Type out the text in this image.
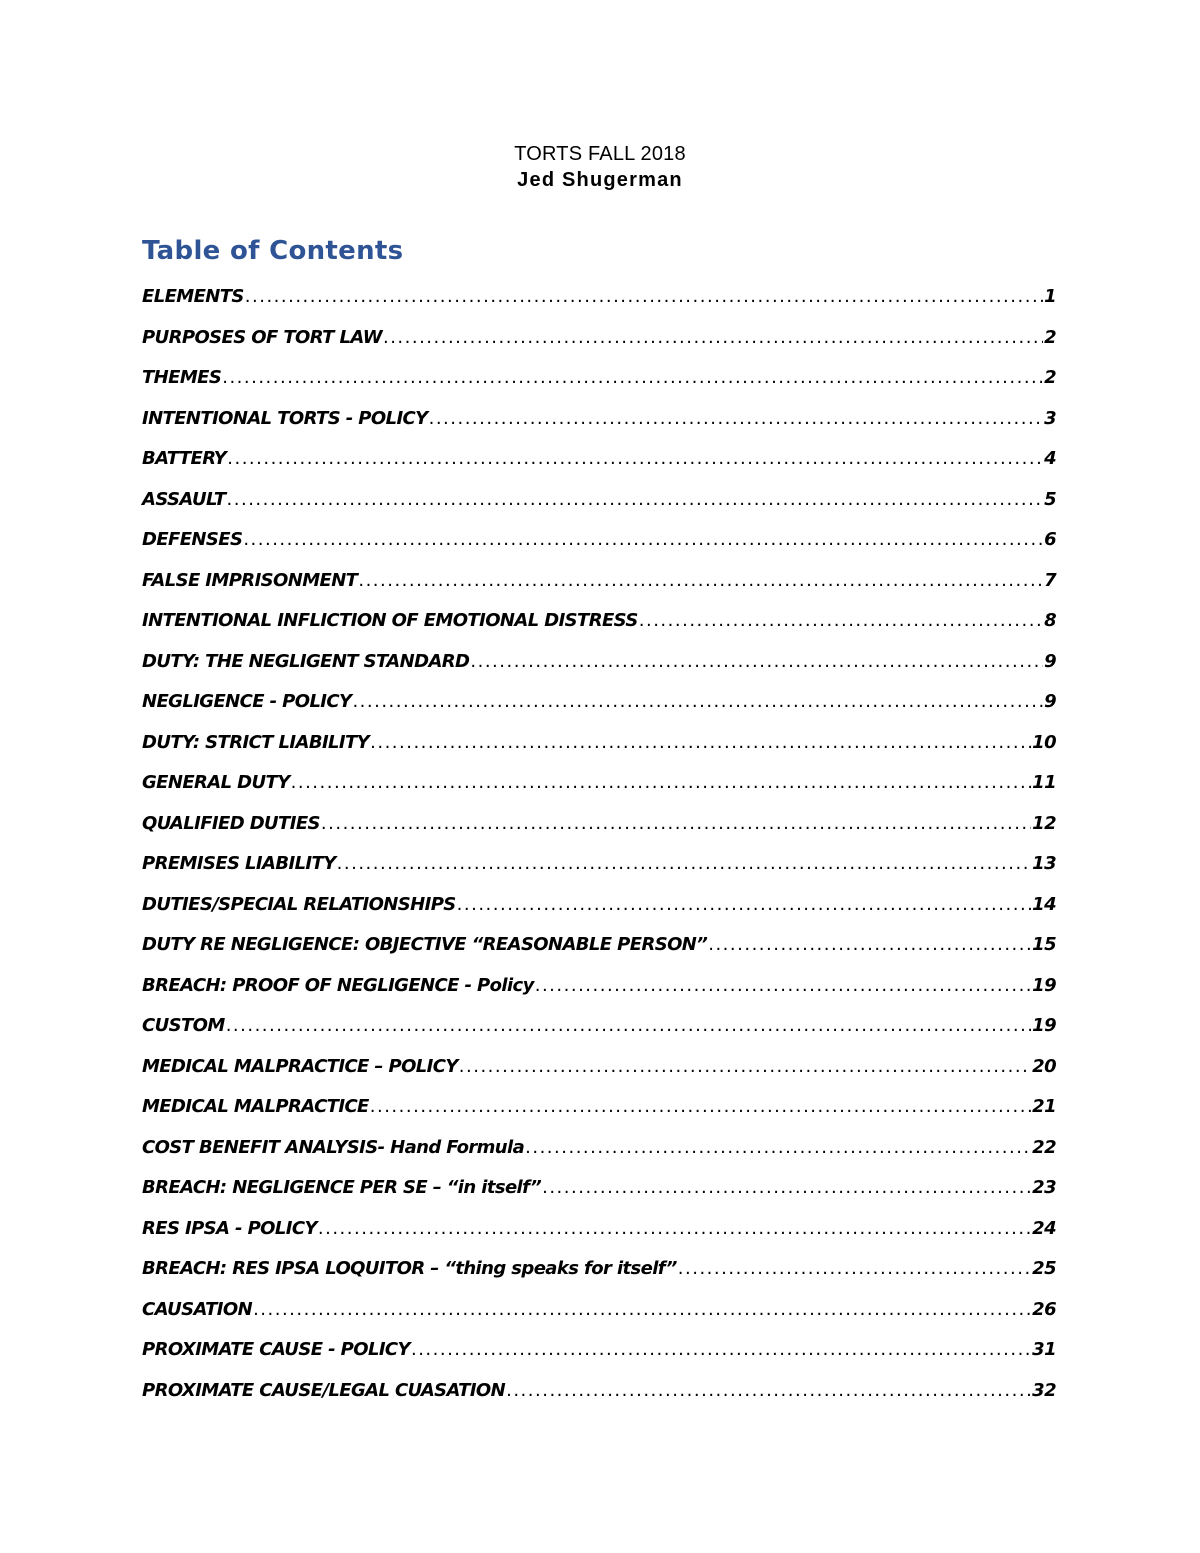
TORTS FALL 2018
Jed Shugerman
Table of Contents
ELEMENTS .....	1
PURPOSES OF TORT LAW .....	2
THEMES .....	2
INTENTIONAL TORTS - POLICY .....	3
BATTERY .....	4
ASSAULT .....	5
DEFENSES .....	6
FALSE IMPRISONMENT .....	7
INTENTIONAL INFLICTION OF EMOTIONAL DISTRESS .....	8
DUTY: THE NEGLIGENT STANDARD .....	9
NEGLIGENCE - POLICY .....	9
DUTY: STRICT LIABILITY .....	10
GENERAL DUTY .....	11
QUALIFIED DUTIES .....	12
PREMISES LIABILITY .....	13
DUTIES/SPECIAL RELATIONSHIPS .....	14
DUTY RE NEGLIGENCE: OBJECTIVE “REASONABLE PERSON” .....	15
BREACH: PROOF OF NEGLIGENCE - Policy .....	19
CUSTOM .....	19
MEDICAL MALPRACTICE – POLICY .....	20
MEDICAL MALPRACTICE .....	21
COST BENEFIT ANALYSIS- Hand Formula .....	22
BREACH: NEGLIGENCE PER SE – “in itself” .....	23
RES IPSA - POLICY .....	24
BREACH: RES IPSA LOQUITOR – “thing speaks for itself” .....	25
CAUSATION .....	26
PROXIMATE CAUSE - POLICY .....	31
PROXIMATE CAUSE/LEGAL CUASATION .....	32
